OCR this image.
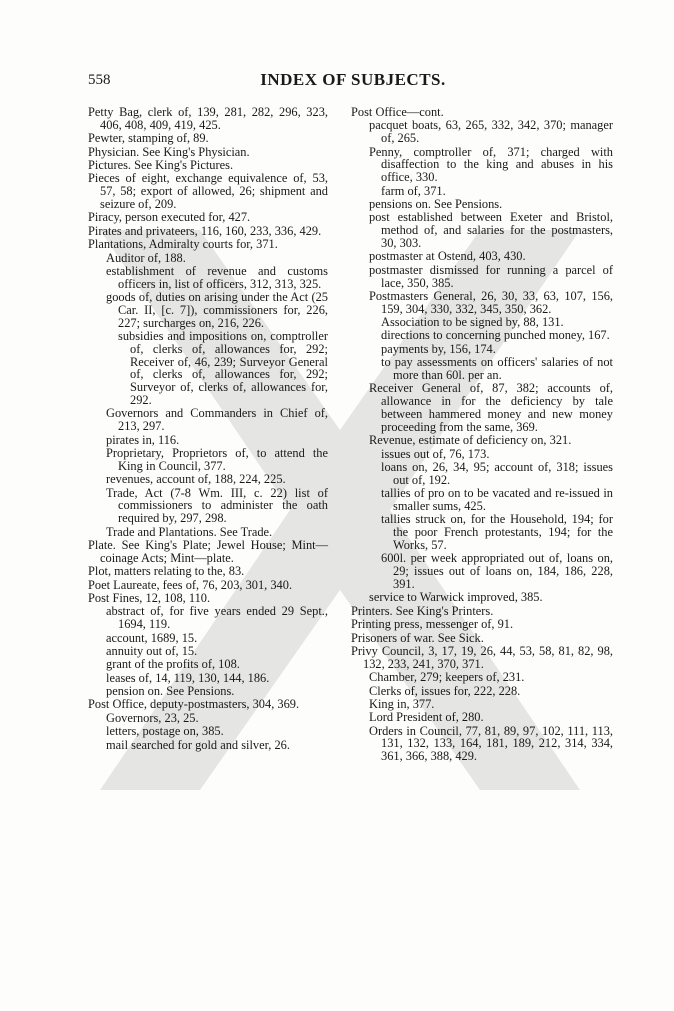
558	INDEX OF SUBJECTS.

Petty Bag, clerk of, 139, 281, 282, 296, 323, 406, 408, 409, 419, 425.

Pewter, stamping of, 89.

Physician. See King's Physician.

Pictures. See King's Pictures.

Pieces of eight, exchange equivalence of, 53, 57, 58; export of allowed, 26; shipment and seizure of, 209.

Piracy, person executed for, 427.

Pirates and privateers, 116, 160, 233, 336, 429.

Plantations, Admiralty courts for, 371.

Auditor of, 188.

establishment of revenue and customs officers in, list of officers, 312, 313, 325.

goods of, duties on arising under the Act (25 Car. II, [c. 7]), commissioners for, 226, 227; surcharges on, 216, 226.

subsidies and impositions on, comptroller of, clerks of, allowances for, 292; Receiver of, 46, 239; Surveyor General of, clerks of, allowances for, 292; Surveyor of, clerks of, allowances for, 292.

Governors and Commanders in Chief of, 213, 297.

pirates in, 116.

Proprietary, Proprietors of, to attend the King in Council, 377.

revenues, account of, 188, 224, 225.

Trade, Act (7-8 Wm. III, c. 22) list of commissioners to administer the oath required by, 297, 298.

Trade and Plantations. See Trade.

Plate. See King's Plate; Jewel House; Mint—coinage Acts; Mint—plate.

Plot, matters relating to the, 83.

Poet Laureate, fees of, 76, 203, 301, 340.

Post Fines, 12, 108, 110.

abstract of, for five years ended 29 Sept., 1694, 119.

account, 1689, 15.

annuity out of, 15.

grant of the profits of, 108.

leases of, 14, 119, 130, 144, 186.

pension on. See Pensions.

Post Office, deputy-postmasters, 304, 369.

Governors, 23, 25.

letters, postage on, 385.

mail searched for gold and silver, 26.

Post Office—cont.

pacquet boats, 63, 265, 332, 342, 370; manager of, 265.

Penny, comptroller of, 371; charged with disaffection to the king and abuses in his office, 330.

farm of, 371.

pensions on. See Pensions.

post established between Exeter and Bristol, method of, and salaries for the postmasters, 30, 303.

postmaster at Ostend, 403, 430.

postmaster dismissed for running a parcel of lace, 350, 385.

Postmasters General, 26, 30, 33, 63, 107, 156, 159, 304, 330, 332, 345, 350, 362.

Association to be signed by, 88, 131.

directions to concerning punched money, 167.

payments by, 156, 174.

to pay assessments on officers' salaries of not more than 60l. per an.

Receiver General of, 87, 382; accounts of, allowance in for the deficiency by tale between hammered money and new money proceeding from the same, 369.

Revenue, estimate of deficiency on, 321.

issues out of, 76, 173.

loans on, 26, 34, 95; account of, 318; issues out of, 192.

tallies of pro on to be vacated and re-issued in smaller sums, 425.

tallies struck on, for the Household, 194; for the poor French protestants, 194; for the Works, 57.

600l. per week appropriated out of, loans on, 29; issues out of loans on, 184, 186, 228, 391.

service to Warwick improved, 385.

Printers. See King's Printers.

Printing press, messenger of, 91.

Prisoners of war. See Sick.

Privy Council, 3, 17, 19, 26, 44, 53, 58, 81, 82, 98, 132, 233, 241, 370, 371.

Chamber, 279; keepers of, 231.

Clerks of, issues for, 222, 228.

King in, 377.

Lord President of, 280.

Orders in Council, 77, 81, 89, 97, 102, 111, 113, 131, 132, 133, 164, 181, 189, 212, 314, 334, 361, 366, 388, 429.
